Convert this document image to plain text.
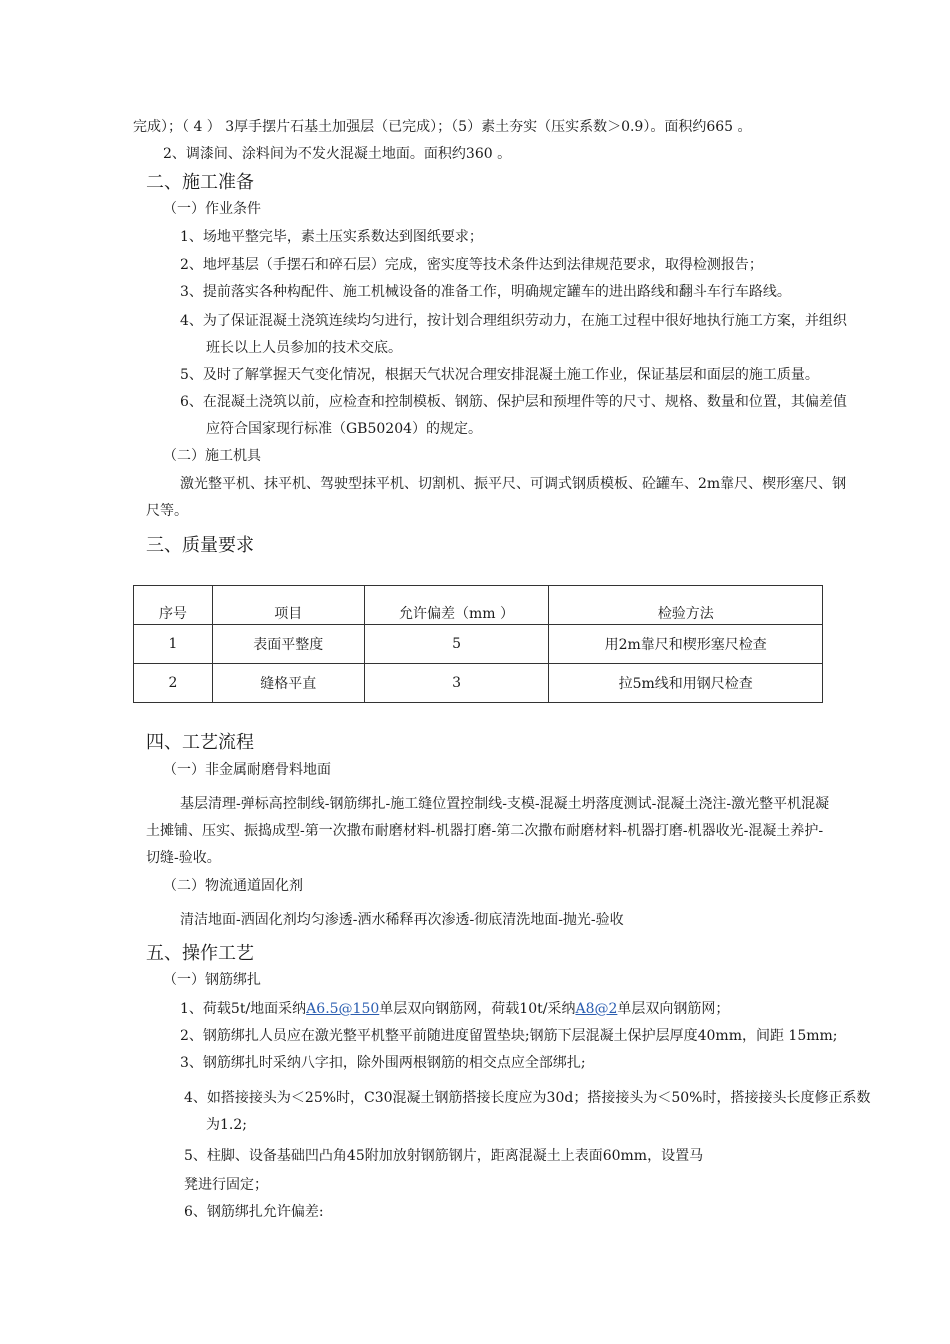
完成）；（ 4 ） 3厚手摆片石基土加强层（已完成）；（5）素土夯实（压实系数＞0.9）。面积约665 。
2、调漆间、涂料间为不发火混凝土地面。面积约360 。
二、施工准备
（一）作业条件
1、场地平整完毕，素土压实系数达到图纸要求；
2、地坪基层（手摆石和碎石层）完成，密实度等技术条件达到法律规范要求，取得检测报告；
3、提前落实各种构配件、施工机械设备的准备工作，明确规定罐车的进出路线和翻斗车行车路线。
4、为了保证混凝土浇筑连续均匀进行，按计划合理组织劳动力，在施工过程中很好地执行施工方案，并组织
班长以上人员参加的技术交底。
5、及时了解掌握天气变化情况，根据天气状况合理安排混凝土施工作业，保证基层和面层的施工质量。
6、在混凝土浇筑以前，应检查和控制模板、钢筋、保护层和预埋件等的尺寸、规格、数量和位置，其偏差值
应符合国家现行标准（GB50204）的规定。
（二）施工机具
激光整平机、抹平机、驾驶型抹平机、切割机、振平尺、可调式钢质模板、砼罐车、2m靠尺、楔形塞尺、钢
尺等。
三、质量要求
序号	项目	允许偏差（mm ）	检验方法
1	表面平整度	5	用2m靠尺和楔形塞尺检查
2	缝格平直	3	拉5m线和用钢尺检查
四、工艺流程
（一）非金属耐磨骨料地面
基层清理-弹标高控制线-钢筋绑扎-施工缝位置控制线-支模-混凝土坍落度测试-混凝土浇注-激光整平机混凝
土摊铺、压实、振捣成型-第一次撒布耐磨材料-机器打磨-第二次撒布耐磨材料-机器打磨-机器收光-混凝土养护-
切缝-验收。
（二）物流通道固化剂
清洁地面-洒固化剂均匀渗透-洒水稀释再次渗透-彻底清洗地面-抛光-验收
五、操作工艺
（一）钢筋绑扎
1、荷载5t/地面采纳A6.5@150单层双向钢筋网，荷载10t/采纳A8@2单层双向钢筋网；
2、钢筋绑扎人员应在激光整平机整平前随进度留置垫块;钢筋下层混凝土保护层厚度40mm，间距 15mm;
3、钢筋绑扎时采纳八字扣，除外围两根钢筋的相交点应全部绑扎;
4、如搭接接头为＜25%时，C30混凝土钢筋搭接长度应为30d；搭接接头为＜50%时，搭接接头长度修正系数
为1.2;
5、柱脚、设备基础凹凸角45附加放射钢筋钢片，距离混凝土上表面60mm，设置马
凳进行固定；
6、钢筋绑扎允许偏差:
